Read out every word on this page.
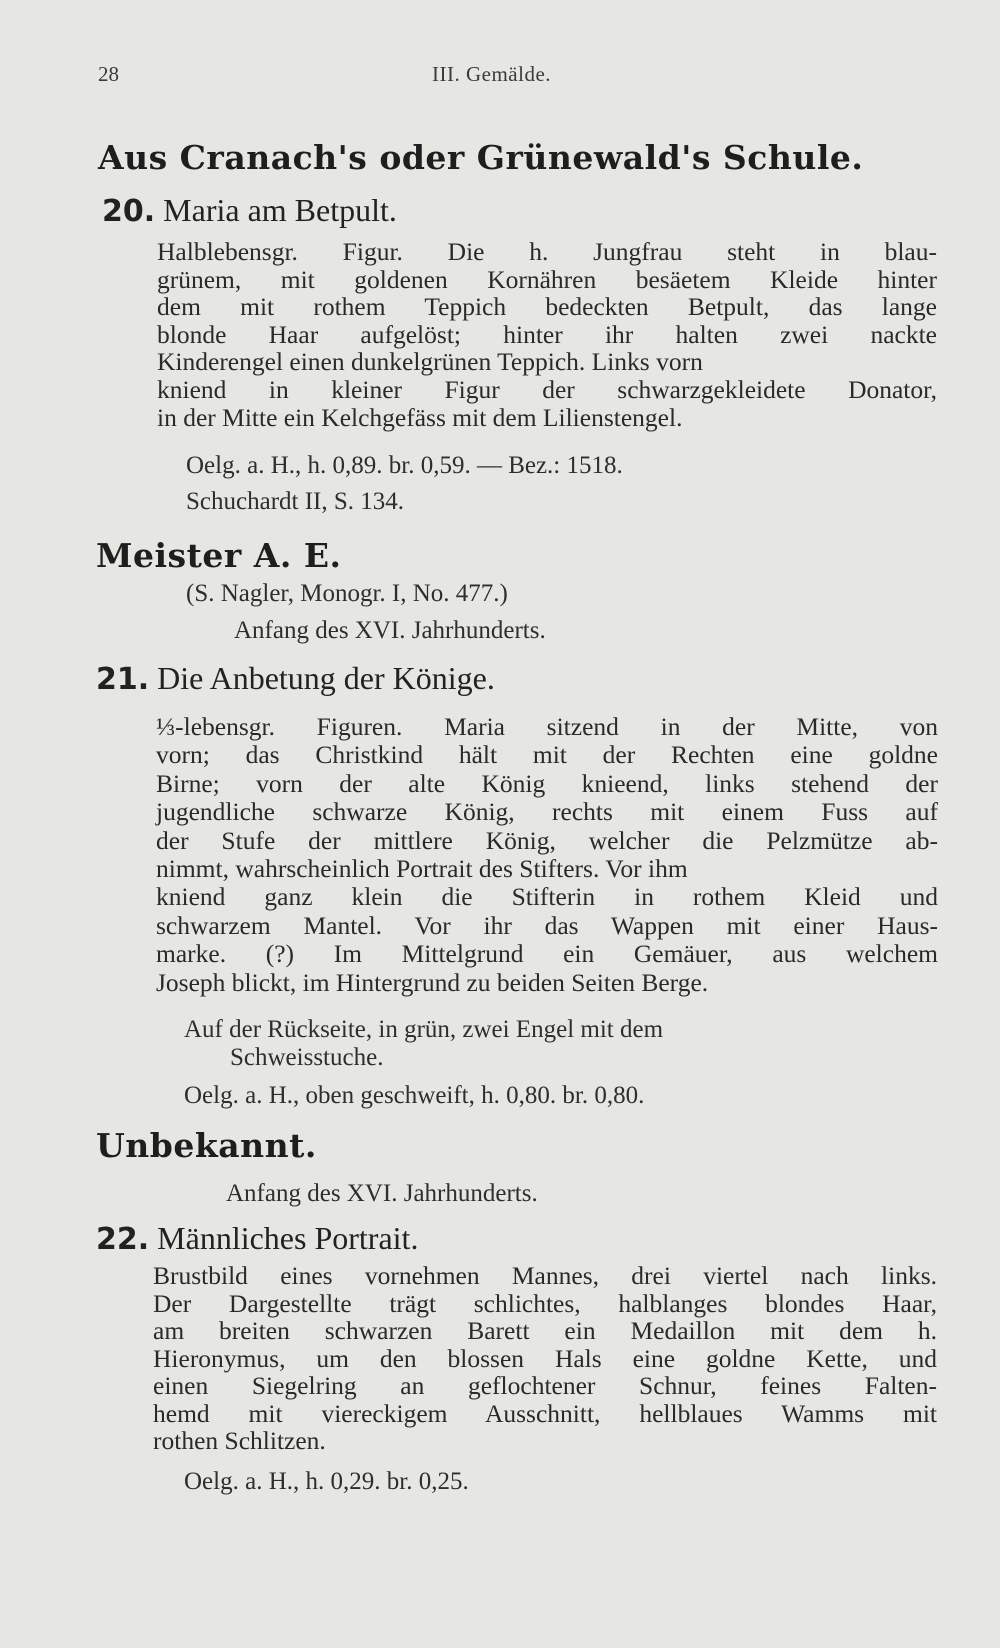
28	III. Gemälde.
Aus Cranach's oder Grünewald's Schule.
20. Maria am Betpult.
Halblebensgr. Figur. Die h. Jungfrau steht in blau-
grünem, mit goldenen Kornähren besäetem Kleide hinter
dem mit rothem Teppich bedeckten Betpult, das lange
blonde Haar aufgelöst; hinter ihr halten zwei nackte
Kinderengel einen dunkelgrünen Teppich. Links vorn
kniend in kleiner Figur der schwarzgekleidete Donator,
in der Mitte ein Kelchgefäss mit dem Lilienstengel.
Oelg. a. H., h. 0,89. br. 0,59. — Bez.: 1518.
Schuchardt II, S. 134.
Meister A. E.
(S. Nagler, Monogr. I, No. 477.)
Anfang des XVI. Jahrhunderts.
21. Die Anbetung der Könige.
⅓-lebensgr. Figuren. Maria sitzend in der Mitte, von
vorn; das Christkind hält mit der Rechten eine goldne
Birne; vorn der alte König knieend, links stehend der
jugendliche schwarze König, rechts mit einem Fuss auf
der Stufe der mittlere König, welcher die Pelzmütze ab-
nimmt, wahrscheinlich Portrait des Stifters. Vor ihm
kniend ganz klein die Stifterin in rothem Kleid und
schwarzem Mantel. Vor ihr das Wappen mit einer Haus-
marke. (?) Im Mittelgrund ein Gemäuer, aus welchem
Joseph blickt, im Hintergrund zu beiden Seiten Berge.
Auf der Rückseite, in grün, zwei Engel mit dem
Schweisstuche.
Oelg. a. H., oben geschweift, h. 0,80. br. 0,80.
Unbekannt.
Anfang des XVI. Jahrhunderts.
22. Männliches Portrait.
Brustbild eines vornehmen Mannes, drei viertel nach links.
Der Dargestellte trägt schlichtes, halblanges blondes Haar,
am breiten schwarzen Barett ein Medaillon mit dem h.
Hieronymus, um den blossen Hals eine goldne Kette, und
einen Siegelring an geflochtener Schnur, feines Falten-
hemd mit viereckigem Ausschnitt, hellblaues Wamms mit
rothen Schlitzen.
Oelg. a. H., h. 0,29. br. 0,25.
